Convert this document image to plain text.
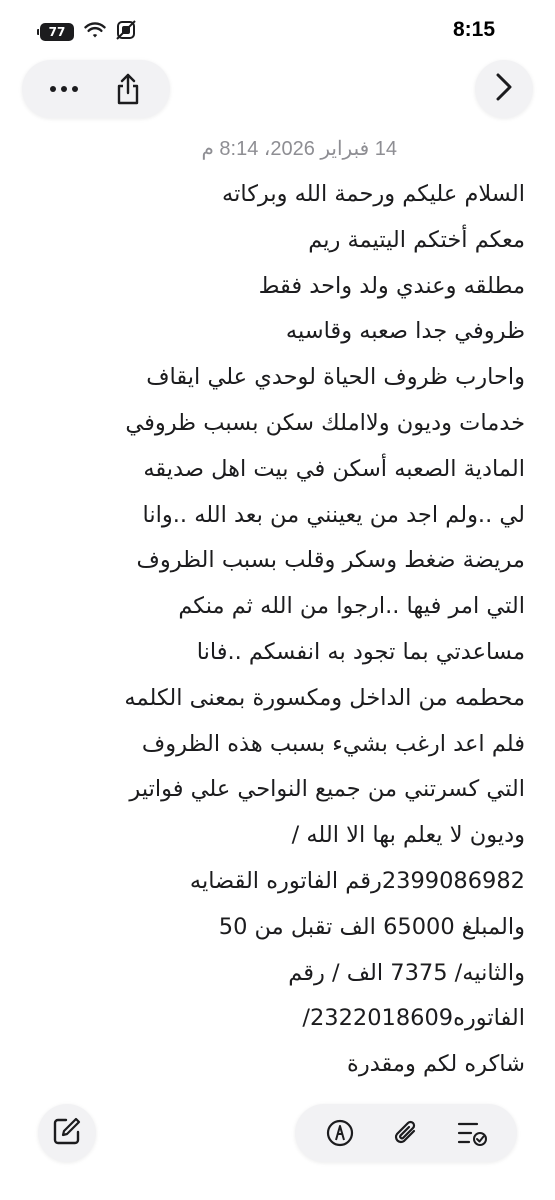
77	8:15
14 فبراير 2026، 8:14 م
السلام عليكم ورحمة الله وبركاته
معكم أختكم اليتيمة ريم
مطلقه وعندي ولد واحد فقط
ظروفي جدا صعبه وقاسيه
واحارب ظروف الحياة لوحدي علي ايقاف
خدمات وديون ولااملك سكن بسبب ظروفي
المادية الصعبه أسكن في بيت اهل صديقه
لي ..ولم اجد من يعينني من بعد الله ..وانا
مريضة ضغط وسكر وقلب بسبب الظروف
التي امر فيها ..ارجوا من الله ثم منكم
مساعدتي بما تجود به انفسكم ..فانا
محطمه من الداخل ومكسورة بمعنى الكلمه
فلم اعد ارغب بشيء بسبب هذه الظروف
التي كسرتني من جميع النواحي علي فواتير
وديون لا يعلم بها الا الله /
2399086982رقم الفاتوره القضايه
والمبلغ 65000 الف تقبل من 50
والثانيه/ 7375 الف / رقم
الفاتوره2322018609/
شاكره لكم ومقدرة
